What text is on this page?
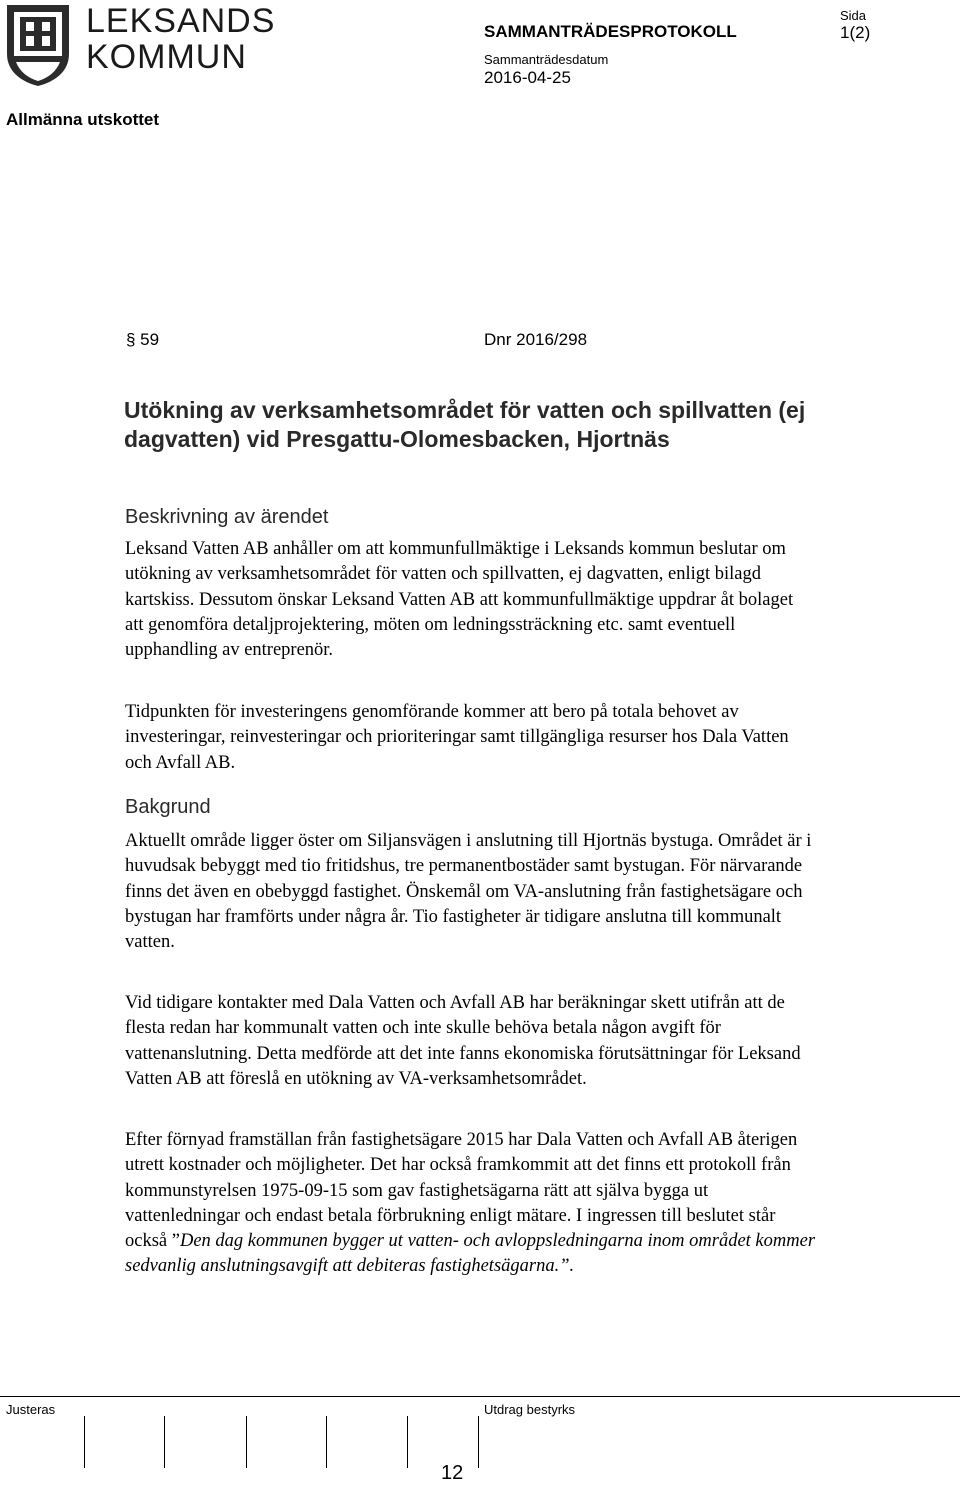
LEKSANDS
KOMMUN
SAMMANTRÄDESPROTOKOLL
Sammanträdesdatum
2016-04-25
Sida
1(2)
Allmänna utskottet
§ 59	Dnr 2016/298
Utökning av verksamhetsområdet för vatten och spillvatten (ej dagvatten) vid Presgattu-Olomesbacken, Hjortnäs
Beskrivning av ärendet

Leksand Vatten AB anhåller om att kommunfullmäktige i Leksands kommun beslutar om utökning av verksamhetsområdet för vatten och spillvatten, ej dagvatten, enligt bilagd kartskiss. Dessutom önskar Leksand Vatten AB att kommunfullmäktige uppdrar åt bolaget att genomföra detaljprojektering, möten om ledningssträckning etc. samt eventuell upphandling av entreprenör.

Tidpunkten för investeringens genomförande kommer att bero på totala behovet av investeringar, reinvesteringar och prioriteringar samt tillgängliga resurser hos Dala Vatten och Avfall AB.

Bakgrund

Aktuellt område ligger öster om Siljansvägen i anslutning till Hjortnäs bystuga. Området är i huvudsak bebyggt med tio fritidshus, tre permanentbostäder samt bystugan. För närvarande finns det även en obebyggd fastighet. Önskemål om VA-anslutning från fastighetsägare och bystugan har framförts under några år. Tio fastigheter är tidigare anslutna till kommunalt vatten.

Vid tidigare kontakter med Dala Vatten och Avfall AB har beräkningar skett utifrån att de flesta redan har kommunalt vatten och inte skulle behöva betala någon avgift för vattenanslutning. Detta medförde att det inte fanns ekonomiska förutsättningar för Leksand Vatten AB att föreslå en utökning av VA-verksamhetsområdet.

Efter förnyad framställan från fastighetsägare 2015 har Dala Vatten och Avfall AB återigen utrett kostnader och möjligheter. Det har också framkommit att det finns ett protokoll från kommunstyrelsen 1975-09-15 som gav fastighetsägarna rätt att själva bygga ut vattenledningar och endast betala förbrukning enligt mätare. I ingressen till beslutet står också ”Den dag kommunen bygger ut vatten- och avloppsledningarna inom området kommer sedvanlig anslutningsavgift att debiteras fastighetsägarna.”.

Justeras	Utdrag bestyrks
12
